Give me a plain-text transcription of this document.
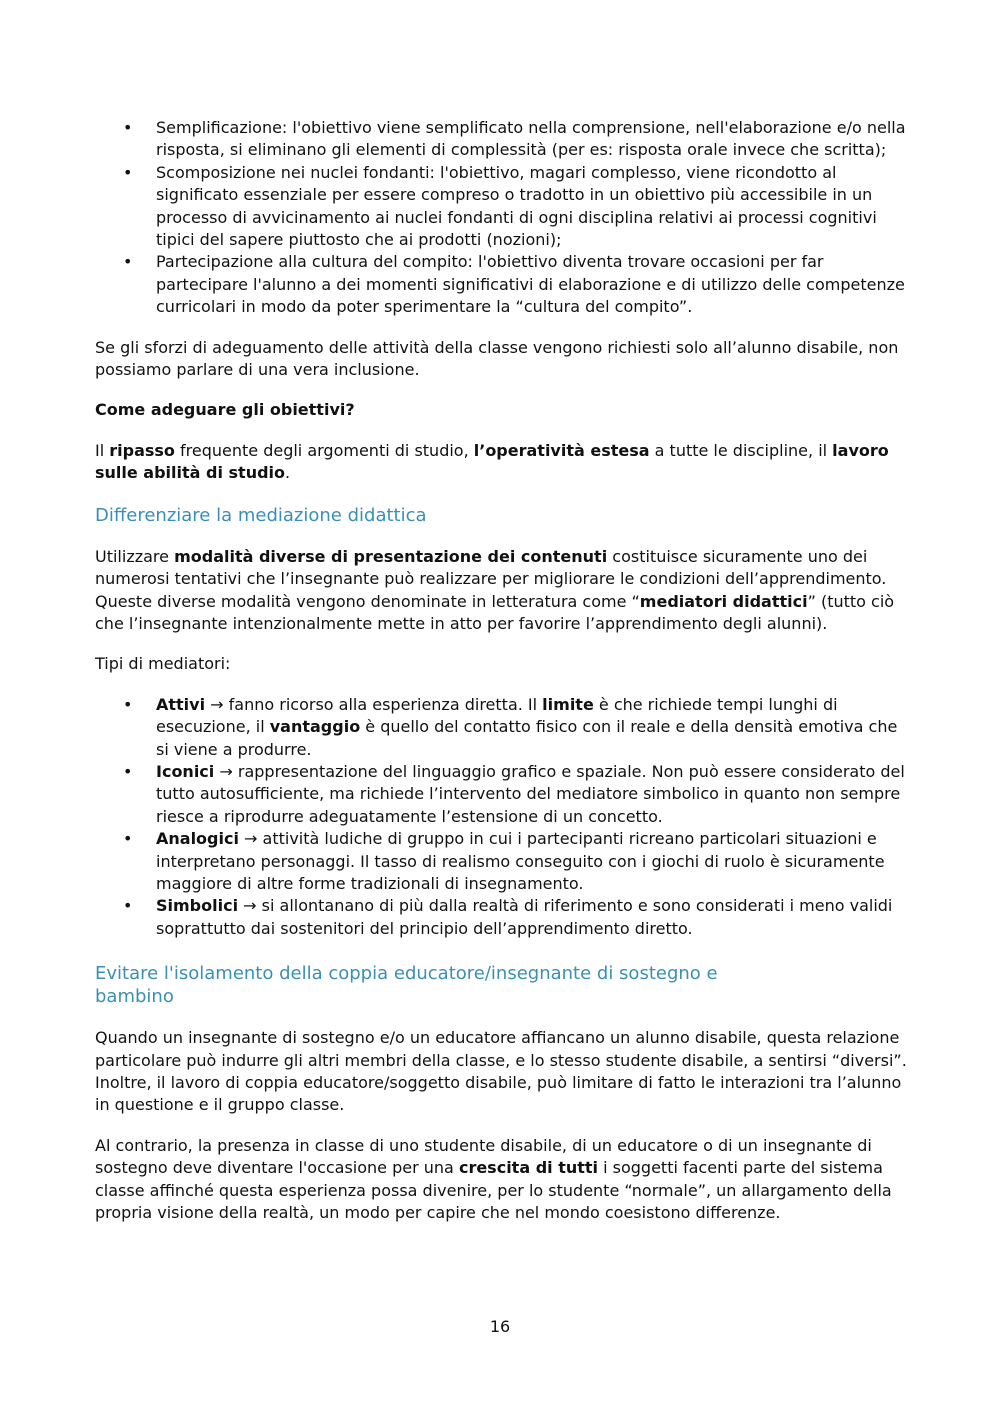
• Semplificazione: l'obiettivo viene semplificato nella comprensione, nell'elaborazione e/o nella risposta, si eliminano gli elementi di complessità (per es: risposta orale invece che scritta);
• Scomposizione nei nuclei fondanti: l'obiettivo, magari complesso, viene ricondotto al significato essenziale per essere compreso o tradotto in un obiettivo più accessibile in un processo di avvicinamento ai nuclei fondanti di ogni disciplina relativi ai processi cognitivi tipici del sapere piuttosto che ai prodotti (nozioni);
• Partecipazione alla cultura del compito: l'obiettivo diventa trovare occasioni per far partecipare l'alunno a dei momenti significativi di elaborazione e di utilizzo delle competenze curricolari in modo da poter sperimentare la “cultura del compito”.

Se gli sforzi di adeguamento delle attività della classe vengono richiesti solo all’alunno disabile, non possiamo parlare di una vera inclusione.

Come adeguare gli obiettivi?

Il ripasso frequente degli argomenti di studio, l’operatività estesa a tutte le discipline, il lavoro sulle abilità di studio.

Differenziare la mediazione didattica

Utilizzare modalità diverse di presentazione dei contenuti costituisce sicuramente uno dei numerosi tentativi che l’insegnante può realizzare per migliorare le condizioni dell’apprendimento. Queste diverse modalità vengono denominate in letteratura come “mediatori didattici” (tutto ciò che l’insegnante intenzionalmente mette in atto per favorire l’apprendimento degli alunni).

Tipi di mediatori:

• Attivi → fanno ricorso alla esperienza diretta. Il limite è che richiede tempi lunghi di esecuzione, il vantaggio è quello del contatto fisico con il reale e della densità emotiva che si viene a produrre.
• Iconici → rappresentazione del linguaggio grafico e spaziale. Non può essere considerato del tutto autosufficiente, ma richiede l’intervento del mediatore simbolico in quanto non sempre riesce a riprodurre adeguatamente l’estensione di un concetto.
• Analogici → attività ludiche di gruppo in cui i partecipanti ricreano particolari situazioni e interpretano personaggi. Il tasso di realismo conseguito con i giochi di ruolo è sicuramente maggiore di altre forme tradizionali di insegnamento.
• Simbolici → si allontanano di più dalla realtà di riferimento e sono considerati i meno validi soprattutto dai sostenitori del principio dell’apprendimento diretto.
Evitare l'isolamento della coppia educatore/insegnante di sostegno e
bambino

Quando un insegnante di sostegno e/o un educatore affiancano un alunno disabile, questa relazione particolare può indurre gli altri membri della classe, e lo stesso studente disabile, a sentirsi “diversi”.
Inoltre, il lavoro di coppia educatore/soggetto disabile, può limitare di fatto le interazioni tra l’alunno in questione e il gruppo classe.

Al contrario, la presenza in classe di uno studente disabile, di un educatore o di un insegnante di sostegno deve diventare l'occasione per una crescita di tutti i soggetti facenti parte del sistema classe affinché questa esperienza possa divenire, per lo studente “normale”, un allargamento della propria visione della realtà, un modo per capire che nel mondo coesistono differenze.

16
